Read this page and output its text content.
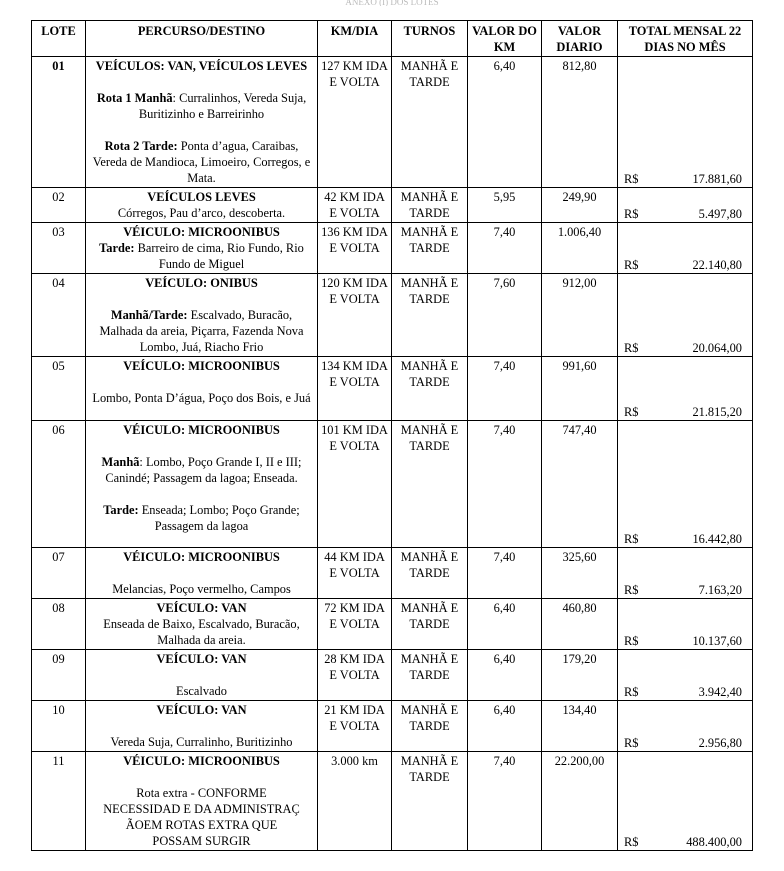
ANEXO (I) DOS LOTES
LOTE	PERCURSO/DESTINO	KM/DIA	TURNOS	VALOR DO KM	VALOR DIARIO	TOTAL MENSAL 22 DIAS NO MÊS
01	VEÍCULOS: VAN, VEÍCULOS LEVES
Rota 1 Manhã: Curralinhos, Vereda Suja, Buritizinho e Barreirinho
Rota 2 Tarde: Ponta d’agua, Caraibas, Vereda de Mandioca, Limoeiro, Corregos, e Mata.	127 KM IDA E VOLTA	MANHÃ E TARDE	6,40	812,80	R$ 17.881,60

02	VEÍCULOS LEVES
Córregos, Pau d’arco, descoberta.	42 KM IDA E VOLTA	MANHÃ E TARDE	5,95	249,90	R$ 5.497,80

03	VÉICULO: MICROONIBUS
Tarde: Barreiro de cima, Rio Fundo, Rio Fundo de Miguel	136 KM IDA E VOLTA	MANHÃ E TARDE	7,40	1.006,40	R$ 22.140,80

04	VEÍCULO: ONIBUS
Manhã/Tarde: Escalvado, Buracão, Malhada da areia, Piçarra, Fazenda Nova Lombo, Juá, Riacho Frio	120 KM IDA E VOLTA	MANHÃ E TARDE	7,60	912,00	R$ 20.064,00

05	VEÍCULO: MICROONIBUS
Lombo, Ponta D’água, Poço dos Bois, e Juá	134 KM IDA E VOLTA	MANHÃ E TARDE	7,40	991,60	R$ 21.815,20

06	VÉICULO: MICROONIBUS
Manhã: Lombo, Poço Grande I, II e III; Canindé; Passagem da lagoa; Enseada.
Tarde: Enseada; Lombo; Poço Grande; Passagem da lagoa	101 KM IDA E VOLTA	MANHÃ E TARDE	7,40	747,40	R$ 16.442,80

07	VÉICULO: MICROONIBUS
Melancias, Poço vermelho, Campos	44 KM IDA E VOLTA	MANHÃ E TARDE	7,40	325,60	R$ 7.163,20

08	VEÍCULO: VAN
Enseada de Baixo, Escalvado, Buracão, Malhada da areia.	72 KM IDA E VOLTA	MANHÃ E TARDE	6,40	460,80	R$ 10.137,60

09	VEÍCULO: VAN
Escalvado	28 KM IDA E VOLTA	MANHÃ E TARDE	6,40	179,20	R$ 3.942,40

10	VEÍCULO: VAN
Vereda Suja, Curralinho, Buritizinho	21 KM IDA E VOLTA	MANHÃ E TARDE	6,40	134,40	R$ 2.956,80

11	VÉICULO: MICROONIBUS
Rota extra - CONFORME NECESSIDAD E DA ADMINISTRAÇ ÃOEM ROTAS EXTRA QUE POSSAM SURGIR	3.000 km	MANHÃ E TARDE	7,40	22.200,00	R$ 488.400,00
